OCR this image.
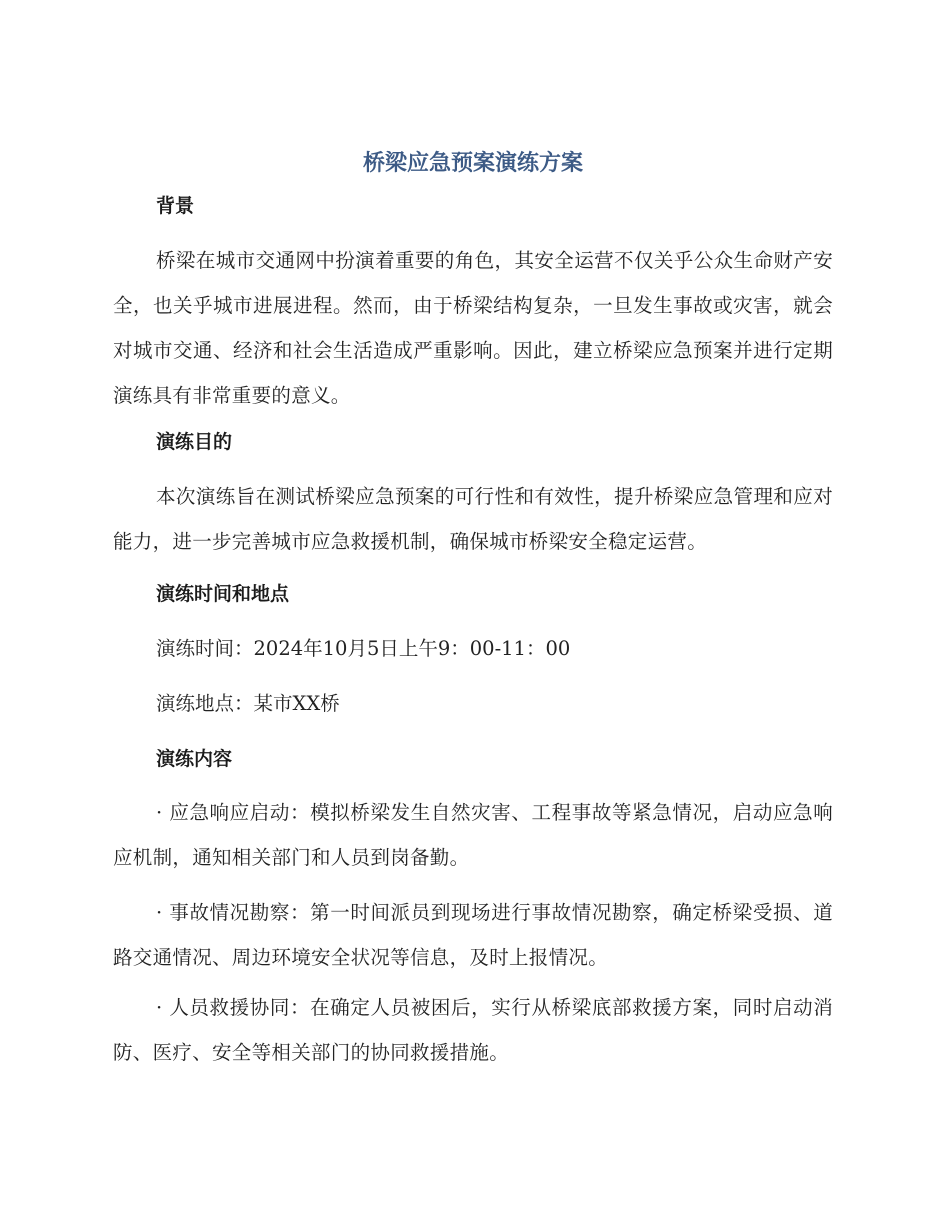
桥梁应急预案演练方案
背景

桥梁在城市交通网中扮演着重要的角色，其安全运营不仅关乎公众生命财产安全，也关乎城市进展进程。然而，由于桥梁结构复杂，一旦发生事故或灾害，就会对城市交通、经济和社会生活造成严重影响。因此，建立桥梁应急预案并进行定期演练具有非常重要的意义。

演练目的

本次演练旨在测试桥梁应急预案的可行性和有效性，提升桥梁应急管理和应对能力，进一步完善城市应急救援机制，确保城市桥梁安全稳定运营。

演练时间和地点

演练时间：2024年10月5日上午9：00-11：00

演练地点：某市XX桥

演练内容

· 应急响应启动：模拟桥梁发生自然灾害、工程事故等紧急情况，启动应急响应机制，通知相关部门和人员到岗备勤。

· 事故情况勘察：第一时间派员到现场进行事故情况勘察，确定桥梁受损、道路交通情况、周边环境安全状况等信息，及时上报情况。

· 人员救援协同：在确定人员被困后，实行从桥梁底部救援方案，同时启动消防、医疗、安全等相关部门的协同救援措施。
